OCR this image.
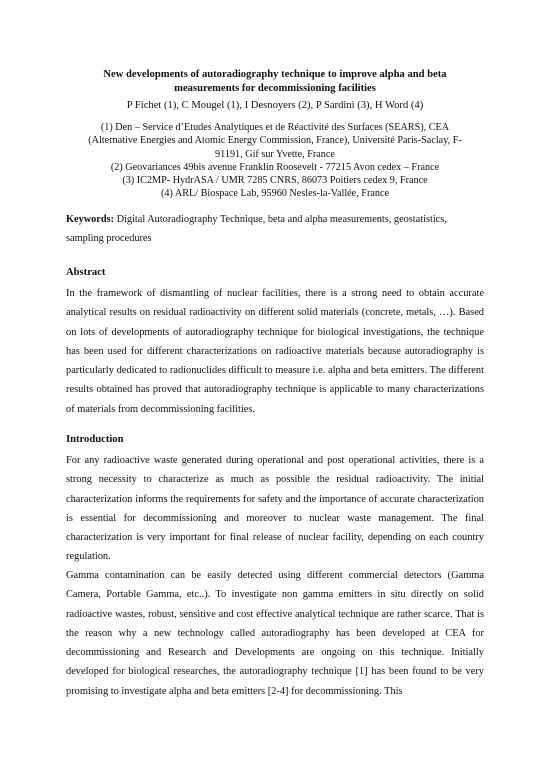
New developments of autoradiography technique to improve alpha and beta measurements for decommissioning facilities
P Fichet (1), C Mougel (1), I Desnoyers (2), P Sardini (3), H Word (4)
(1) Den – Service d’Etudes Analytiques et de Réactivité des Surfaces (SEARS), CEA (Alternative Energies and Atomic Energy Commission, France), Université Paris-Saclay, F-91191, Gif sur Yvette, France
(2) Geovariances 49bis avenue Franklin Roosevelt - 77215 Avon cedex – France
(3) IC2MP- HydrASA / UMR 7285 CNRS, 86073 Poitiers cedex 9, France
(4) ARL/ Biospace Lab, 95960 Nesles-la-Vallée, France
Keywords: Digital Autoradiography Technique, beta and alpha measurements, geostatistics, sampling procedures
Abstract
In the framework of dismantling of nuclear facilities, there is a strong need to obtain accurate analytical results on residual radioactivity on different solid materials (concrete, metals, …). Based on lots of developments of autoradiography technique for biological investigations, the technique has been used for different characterizations on radioactive materials because autoradiography is particularly dedicated to radionuclides difficult to measure i.e. alpha and beta emitters. The different results obtained has proved that autoradiography technique is applicable to many characterizations of materials from decommissioning facilities.
Introduction
For any radioactive waste generated during operational and post operational activities, there is a strong necessity to characterize as much as possible the residual radioactivity. The initial characterization informs the requirements for safety and the importance of accurate characterization is essential for decommissioning and moreover to nuclear waste management. The final characterization is very important for final release of nuclear facility, depending on each country regulation.
Gamma contamination can be easily detected using different commercial detectors (Gamma Camera, Portable Gamma, etc..). To investigate non gamma emitters in situ directly on solid radioactive wastes, robust, sensitive and cost effective analytical technique are rather scarce. That is the reason why a new technology called autoradiography has been developed at CEA for decommissioning and Research and Developments are ongoing on this technique. Initially developed for biological researches, the autoradiography technique [1] has been found to be very promising to investigate alpha and beta emitters [2-4] for decommissioning. This
